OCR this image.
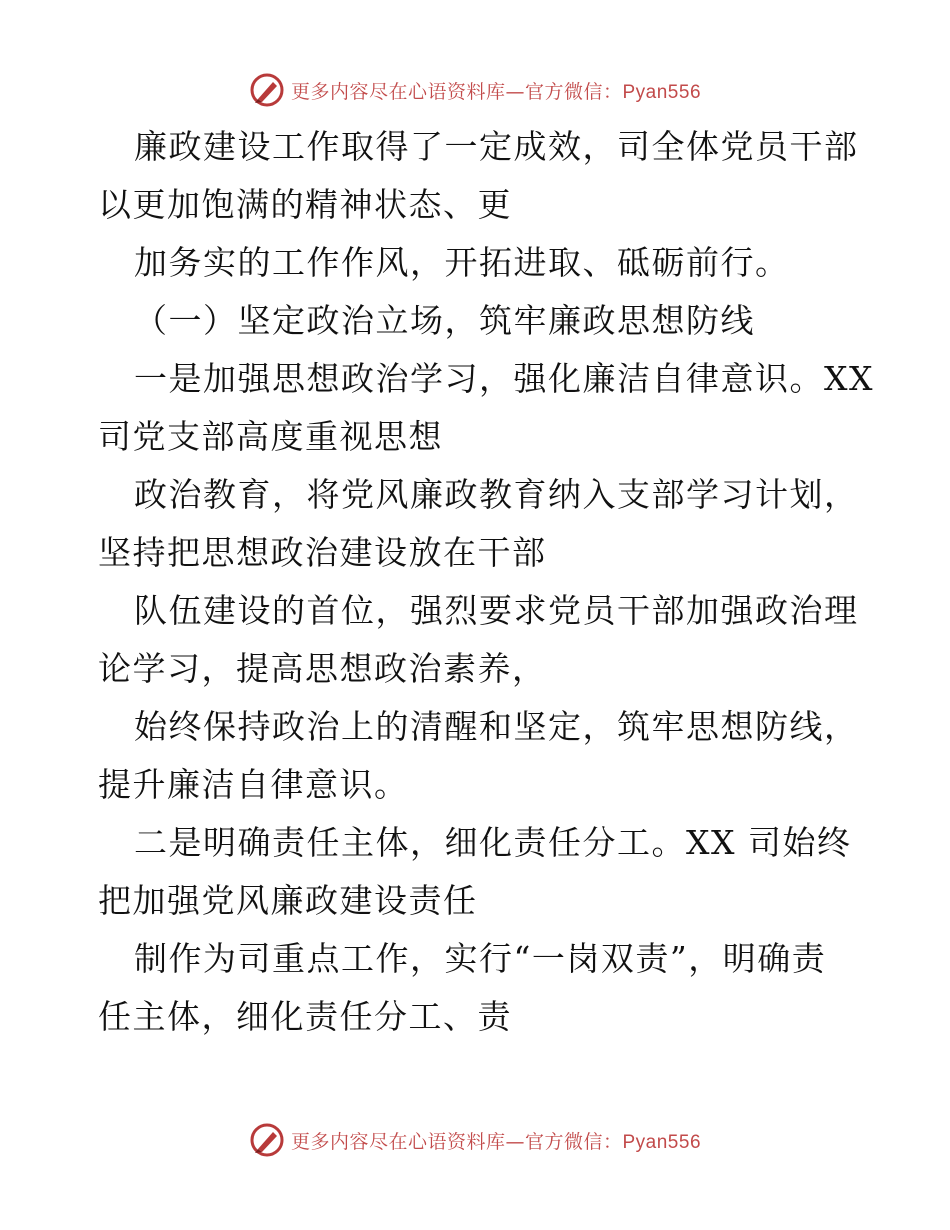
更多内容尽在心语资料库—官方微信：Pyan556
廉政建设工作取得了一定成效，司全体党员干部
以更加饱满的精神状态、更
加务实的工作作风，开拓进取、砥砺前行。
（一）坚定政治立场，筑牢廉政思想防线
一是加强思想政治学习，强化廉洁自律意识。XX
司党支部高度重视思想
政治教育，将党风廉政教育纳入支部学习计划，
坚持把思想政治建设放在干部
队伍建设的首位，强烈要求党员干部加强政治理
论学习，提高思想政治素养，
始终保持政治上的清醒和坚定，筑牢思想防线，
提升廉洁自律意识。
二是明确责任主体，细化责任分工。XX 司始终
把加强党风廉政建设责任
制作为司重点工作，实行“一岗双责”，明确责
任主体，细化责任分工、责
更多内容尽在心语资料库—官方微信：Pyan556
